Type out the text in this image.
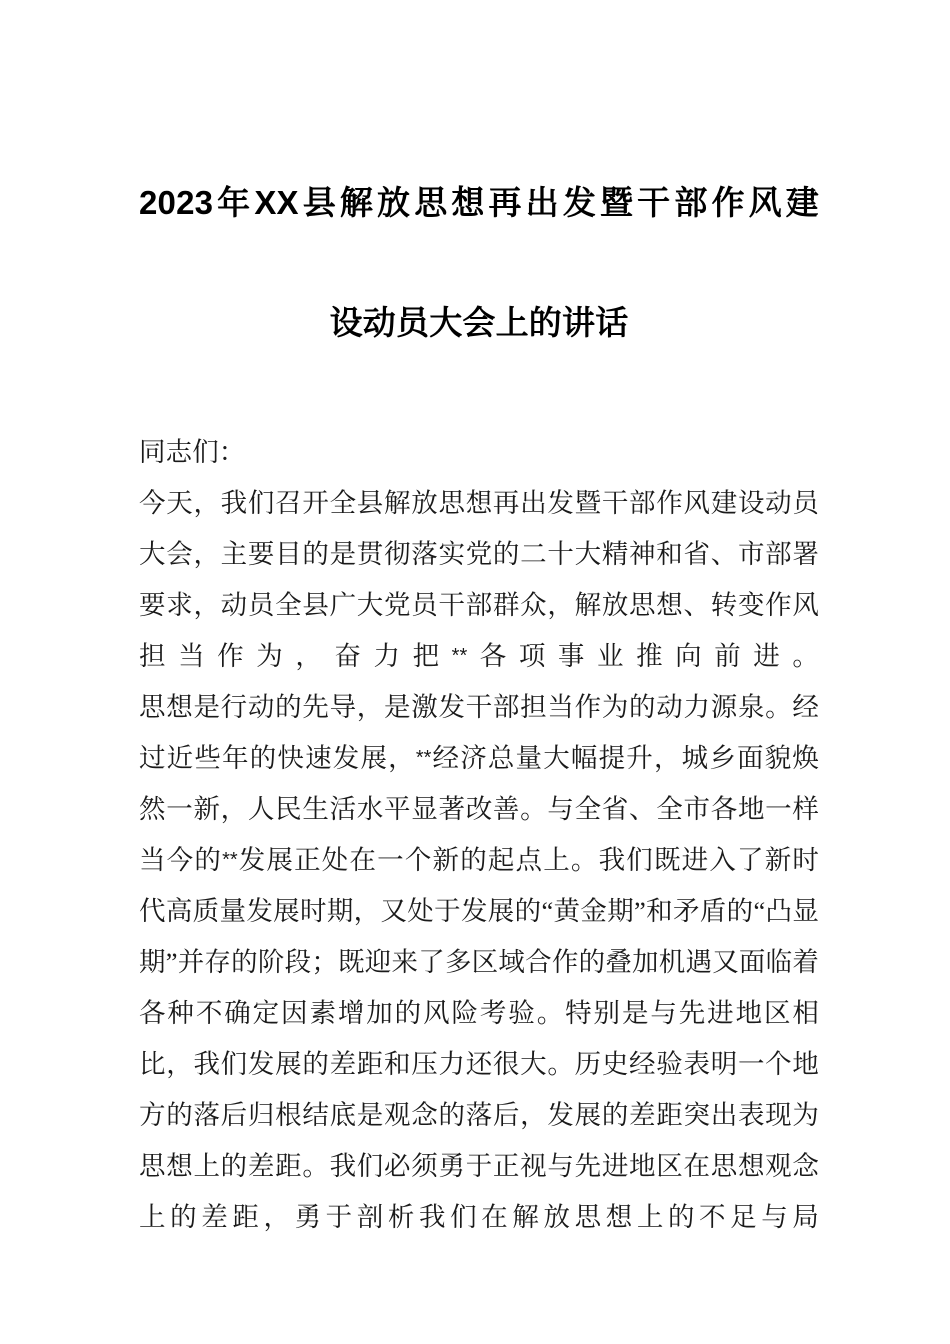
2023年XX县解放思想再出发暨干部作风建
设动员大会上的讲话

同志们：

今天，我们召开全县解放思想再出发暨干部作风建设动员大会，主要目的是贯彻落实党的二十大精神和省、市部署要求，动员全县广大党员干部群众，解放思想、转变作风担当作为，奋力把**各项事业推向前进。

思想是行动的先导，是激发干部担当作为的动力源泉。经过近些年的快速发展，**经济总量大幅提升，城乡面貌焕然一新，人民生活水平显著改善。与全省、全市各地一样当今的**发展正处在一个新的起点上。我们既进入了新时代高质量发展时期，又处于发展的“黄金期”和矛盾的“凸显期”并存的阶段；既迎来了多区域合作的叠加机遇又面临着各种不确定因素增加的风险考验。特别是与先进地区相比，我们发展的差距和压力还很大。历史经验表明一个地方的落后归根结底是观念的落后，发展的差距突出表现为思想上的差距。我们必须勇于正视与先进地区在思想观念上的差距，勇于剖析我们在解放思想上的不足与局
